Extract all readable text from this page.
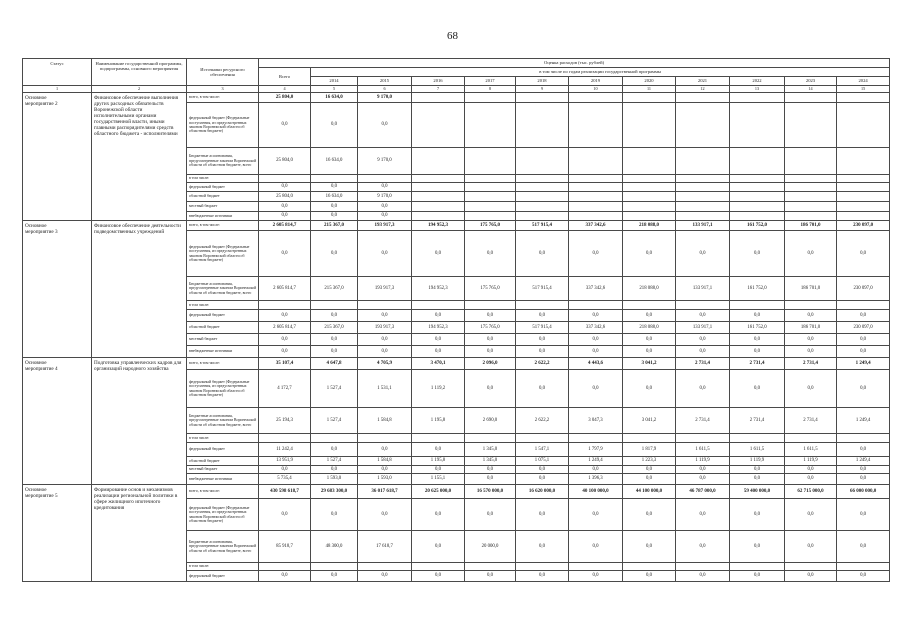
68
Статус	Наименование государственной программы, подпрограммы, основного мероприятия	Источники ресурсного обеспечения	Оценка расходов (тыс. рублей)											
			Всего	в том числе по годам реализации государственной программы										
				2014	2015	2016	2017	2018	2019	2020	2021	2022	2023	2024
1	2	3	4	5	6	7	8	9	10	11	12	13	14	15

Основное мероприятие 2	Финансовое обеспечение выполнения других расходных обязательств Воронежской области исполнительными органами государственной власти, иными главными распорядителями средств областного бюджета - исполнителями	всего, в том числе:	25 804,0	16 634,0	9 170,0									
		федеральный бюджет (Федеральные поступления, из предусмотренных законом Воронежской области об областном бюджете)	0,0	0,0	0,0									
		Бюджетные ассигнования, предусмотренные законом Воронежской области об областном бюджете, всего	25 804,0	16 634,0	9 170,0									
		в том числе:												
		федеральный бюджет	0,0	0,0	0,0									
		областной бюджет	25 804,0	16 634,0	9 170,0									
		местный бюджет	0,0	0,0	0,0									
		внебюджетные источники	0,0	0,0	0,0									

Основное мероприятие 3	Финансовое обеспечение деятельности подведомственных учреждений	всего, в том числе:	2 605 814,7	215 367,0	193 917,3	194 952,3	175 765,0	517 915,4	337 342,6	218 088,0	133 917,1	161 752,0	186 701,0	230 097,0
		федеральный бюджет (Федеральные поступления, из предусмотренных законом Воронежской области об областном бюджете)	0,0	0,0	0,0	0,0	0,0	0,0	0,0	0,0	0,0	0,0	0,0	0,0
		Бюджетные ассигнования, предусмотренные законом Воронежской области об областном бюджете, всего	2 605 814,7	215 367,0	193 917,3	194 952,3	175 765,0	517 915,4	337 342,6	218 088,0	133 917,1	161 752,0	186 701,0	230 097,0
		в том числе:												
		федеральный бюджет	0,0	0,0	0,0	0,0	0,0	0,0	0,0	0,0	0,0	0,0	0,0	0,0
		областной бюджет	2 605 814,7	215 367,0	193 917,3	194 952,3	175 765,0	517 915,4	337 342,6	218 088,0	133 917,1	161 752,0	186 701,0	230 097,0
		местный бюджет	0,0	0,0	0,0	0,0	0,0	0,0	0,0	0,0	0,0	0,0	0,0	0,0
		внебюджетные источники	0,0	0,0	0,0	0,0	0,0	0,0	0,0	0,0	0,0	0,0	0,0	0,0

Основное мероприятие 4	Подготовка управленческих кадров для организаций народного хозяйства	всего, в том числе:	35 107,4	4 647,8	4 705,9	3 470,1	2 096,0	2 622,2	4 443,6	3 041,2	2 731,4	2 731,4	2 731,4	1 249,4
		федеральный бюджет (Федеральные поступления, из предусмотренных законом Воронежской области об областном бюджете)	4 172,7	1 527,4	1 531,1	1 119,2	0,0	0,0	0,0	0,0	0,0	0,0	0,0	0,0
		Бюджетные ассигнования, предусмотренные законом Воронежской области об областном бюджете, всего	25 194,3	1 527,4	1 584,8	1 195,8	2 690,0	2 622,2	3 047,3	3 041,2	2 731,4	2 731,4	2 731,4	1 249,4
		в том числе:												
		федеральный бюджет	11 242,4	0,0	0,0	0,0	1 345,0	1 547,1	1 797,9	1 817,9	1 611,5	1 611,5	1 611,5	0,0
		областной бюджет	13 951,9	1 527,4	1 584,8	1 195,8	1 345,0	1 075,1	1 249,4	1 223,3	1 119,9	1 119,9	1 119,9	1 249,4
		местный бюджет	0,0	0,0	0,0	0,0	0,0	0,0	0,0	0,0	0,0	0,0	0,0	0,0
		внебюджетные источники	5 735,4	1 593,0	1 593,0	1 155,1	0,0	0,0	1 396,3	0,0	0,0	0,0	0,0	0,0

Основное мероприятие 5	Формирование основ и механизмов реализации региональной политики в сфере жилищного ипотечного кредитования	всего, в том числе:	430 598 618,7	29 683 300,0	36 017 618,7	20 625 000,0	16 570 000,0	16 620 000,0	40 100 000,0	44 100 000,0	46 787 000,0	59 400 000,0	62 715 000,0	66 000 000,0
		федеральный бюджет (Федеральные поступления, из предусмотренных законом Воронежской области об областном бюджете)	0,0	0,0	0,0	0,0	0,0	0,0	0,0	0,0	0,0	0,0	0,0	0,0
		Бюджетные ассигнования, предусмотренные законом Воронежской области об областном бюджете, всего	85 918,7	48 300,0	17 618,7	0,0	20 000,0	0,0	0,0	0,0	0,0	0,0	0,0	0,0
		в том числе:												
		федеральный бюджет	0,0	0,0	0,0	0,0	0,0	0,0	0,0	0,0	0,0	0,0	0,0	0,0
